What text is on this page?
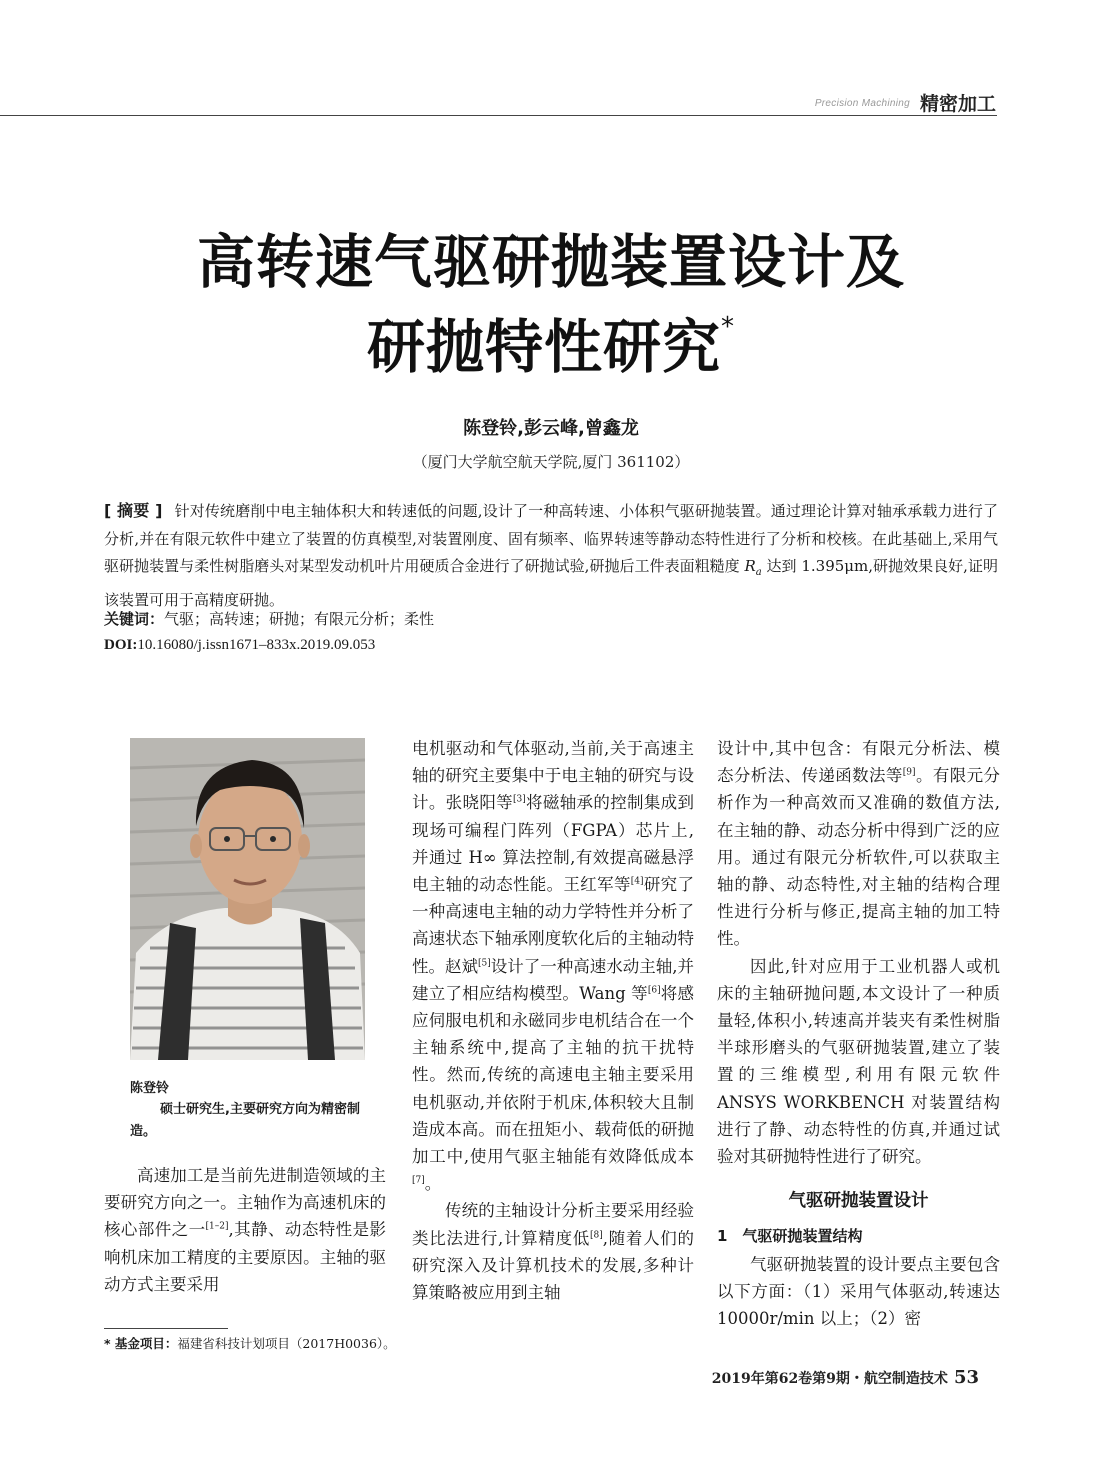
Precision Machining 精密加工
高转速气驱研抛装置设计及
研抛特性研究*
陈登铃,彭云峰,曾鑫龙
（厦门大学航空航天学院,厦门 361102）
[ 摘要 ] 针对传统磨削中电主轴体积大和转速低的问题,设计了一种高转速、小体积气驱研抛装置。通过理论计算对轴承承载力进行了分析,并在有限元软件中建立了装置的仿真模型,对装置刚度、固有频率、临界转速等静动态特性进行了分析和校核。在此基础上,采用气驱研抛装置与柔性树脂磨头对某型发动机叶片用硬质合金进行了研抛试验,研抛后工件表面粗糙度 $R_a$ 达到 1.395μm,研抛效果良好,证明该装置可用于高精度研抛。
关键词：气驱；高转速；研抛；有限元分析；柔性
DOI:10.16080/j.issn1671–833x.2019.09.053
陈登铃
硕士研究生,主要研究方向为精密制造。

高速加工是当前先进制造领域的主要研究方向之一。主轴作为高速机床的核心部件之一[1–2],其静、动态特性是影响机床加工精度的主要原因。主轴的驱动方式主要采用

* 基金项目：福建省科技计划项目（2017H0036）。

电机驱动和气体驱动,当前,关于高速主轴的研究主要集中于电主轴的研究与设计。张晓阳等[3]将磁轴承的控制集成到现场可编程门阵列（FGPA）芯片上,并通过 H∞ 算法控制,有效提高磁悬浮电主轴的动态性能。王红军等[4]研究了一种高速电主轴的动力学特性并分析了高速状态下轴承刚度软化后的主轴动特性。赵斌[5]设计了一种高速水动主轴,并建立了相应结构模型。Wang 等[6]将感应伺服电机和永磁同步电机结合在一个主轴系统中,提高了主轴的抗干扰特性。然而,传统的高速电主轴主要采用电机驱动,并依附于机床,体积较大且制造成本高。而在扭矩小、载荷低的研抛加工中,使用气驱主轴能有效降低成本[7]。

传统的主轴设计分析主要采用经验类比法进行,计算精度低[8],随着人们的研究深入及计算机技术的发展,多种计算策略被应用到主轴

设计中,其中包含：有限元分析法、模态分析法、传递函数法等[9]。有限元分析作为一种高效而又准确的数值方法,在主轴的静、动态分析中得到广泛的应用。通过有限元分析软件,可以获取主轴的静、动态特性,对主轴的结构合理性进行分析与修正,提高主轴的加工特性。

因此,针对应用于工业机器人或机床的主轴研抛问题,本文设计了一种质量轻,体积小,转速高并装夹有柔性树脂半球形磨头的气驱研抛装置,建立了装置的三维模型,利用有限元软件 ANSYS WORKBENCH 对装置结构进行了静、动态特性的仿真,并通过试验对其研抛特性进行了研究。

气驱研抛装置设计
1　气驱研抛装置结构

气驱研抛装置的设计要点主要包含以下方面：（1）采用气体驱动,转速达 10000r/min 以上；（2）密

2019年第62卷第9期・航空制造技术 53
